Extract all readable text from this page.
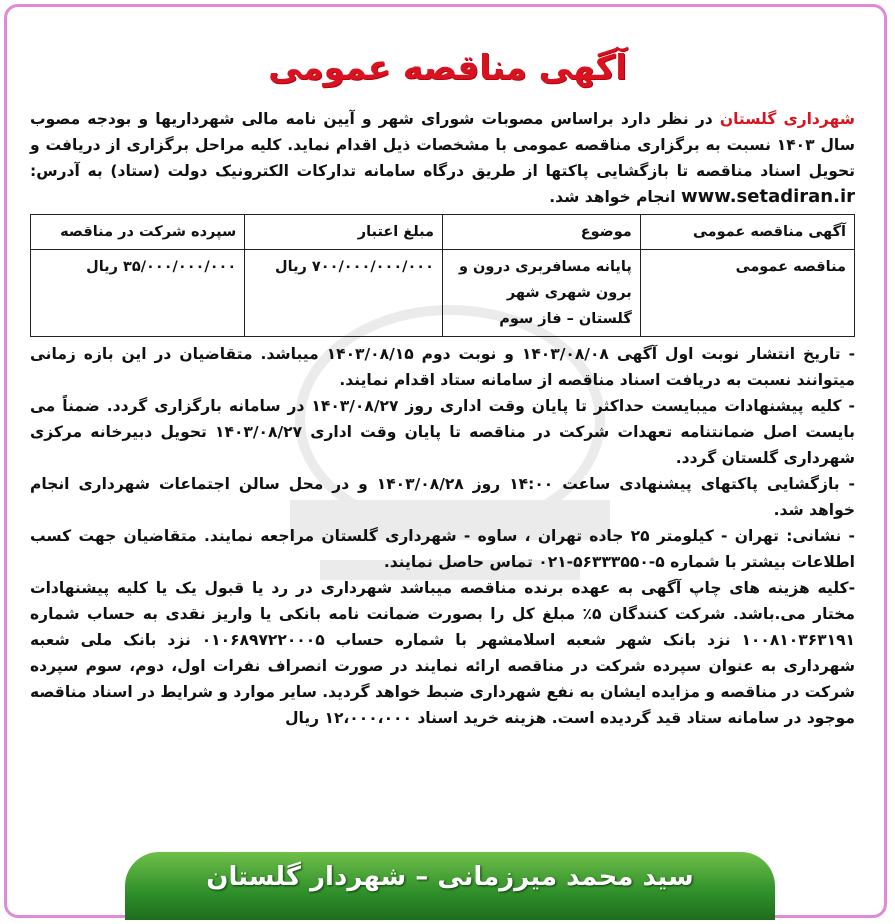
آگهی مناقصه عمومی

شهرداری گلستان در نظر دارد براساس مصوبات شورای شهر و آیین نامه مالی شهرداریها و بودجه مصوب سال ۱۴۰۳ نسبت به برگزاری مناقصه عمومی با مشخصات ذیل اقدام نماید. کلیه مراحل برگزاری از دریافت و تحویل اسناد مناقصه تا بازگشایی پاکتها از طریق درگاه سامانه تدارکات الکترونیک دولت (ستاد) به آدرس: www.setadiran.ir انجام خواهد شد.

آگهی مناقصه عمومی	موضوع	مبلغ اعتبار	سپرده شرکت در مناقصه
مناقصه عمومی	پایانه مسافربری درون و برون شهری شهر گلستان – فاز سوم	۷۰۰/۰۰۰/۰۰۰/۰۰۰ ریال	۳۵/۰۰۰/۰۰۰/۰۰۰ ریال

- تاریخ انتشار نوبت اول آگهی ۱۴۰۳/۰۸/۰۸ و نوبت دوم ۱۴۰۳/۰۸/۱۵ میباشد. متقاضیان در این بازه زمانی میتوانند نسبت به دریافت اسناد مناقصه از سامانه ستاد اقدام نمایند.

- کلیه پیشنهادات میبایست حداکثر تا پایان وقت اداری روز ۱۴۰۳/۰۸/۲۷ در سامانه بارگزاری گردد. ضمناً می بایست اصل ضمانتنامه تعهدات شرکت در مناقصه تا پایان وقت اداری ۱۴۰۳/۰۸/۲۷ تحویل دبیرخانه مرکزی شهرداری گلستان گردد.

- بازگشایی پاکتهای پیشنهادی ساعت ۱۴:۰۰ روز ۱۴۰۳/۰۸/۲۸ و در محل سالن اجتماعات شهرداری انجام خواهد شد.

- نشانی: تهران - کیلومتر ۲۵ جاده تهران ، ساوه - شهرداری گلستان مراجعه نمایند. متقاضیان جهت کسب اطلاعات بیشتر با شماره ۵-۵۶۳۳۳۵۵۰-۰۲۱ تماس حاصل نمایند.

-کلیه هزینه های چاپ آگهی به عهده برنده مناقصه میباشد شهرداری در رد یا قبول یک یا کلیه پیشنهادات مختار می.باشد. شرکت کنندگان ۵٪ مبلغ کل را بصورت ضمانت نامه بانکی یا واریز نقدی به حساب شماره ۱۰۰۸۱۰۳۶۳۱۹۱ نزد بانک شهر شعبه اسلامشهر با شماره حساب ۰۱۰۶۸۹۷۲۲۰۰۰۵ نزد بانک ملی شعبه شهرداری به عنوان سپرده شرکت در مناقصه ارائه نمایند در صورت انصراف نفرات اول، دوم، سوم سپرده شرکت در مناقصه و مزایده ایشان به نفع شهرداری ضبط خواهد گردید. سایر موارد و شرایط در اسناد مناقصه موجود در سامانه ستاد قید گردیده است. هزینه خرید اسناد ۱۲،۰۰۰،۰۰۰ ریال

سید محمد میرزمانی – شهردار گلستان
